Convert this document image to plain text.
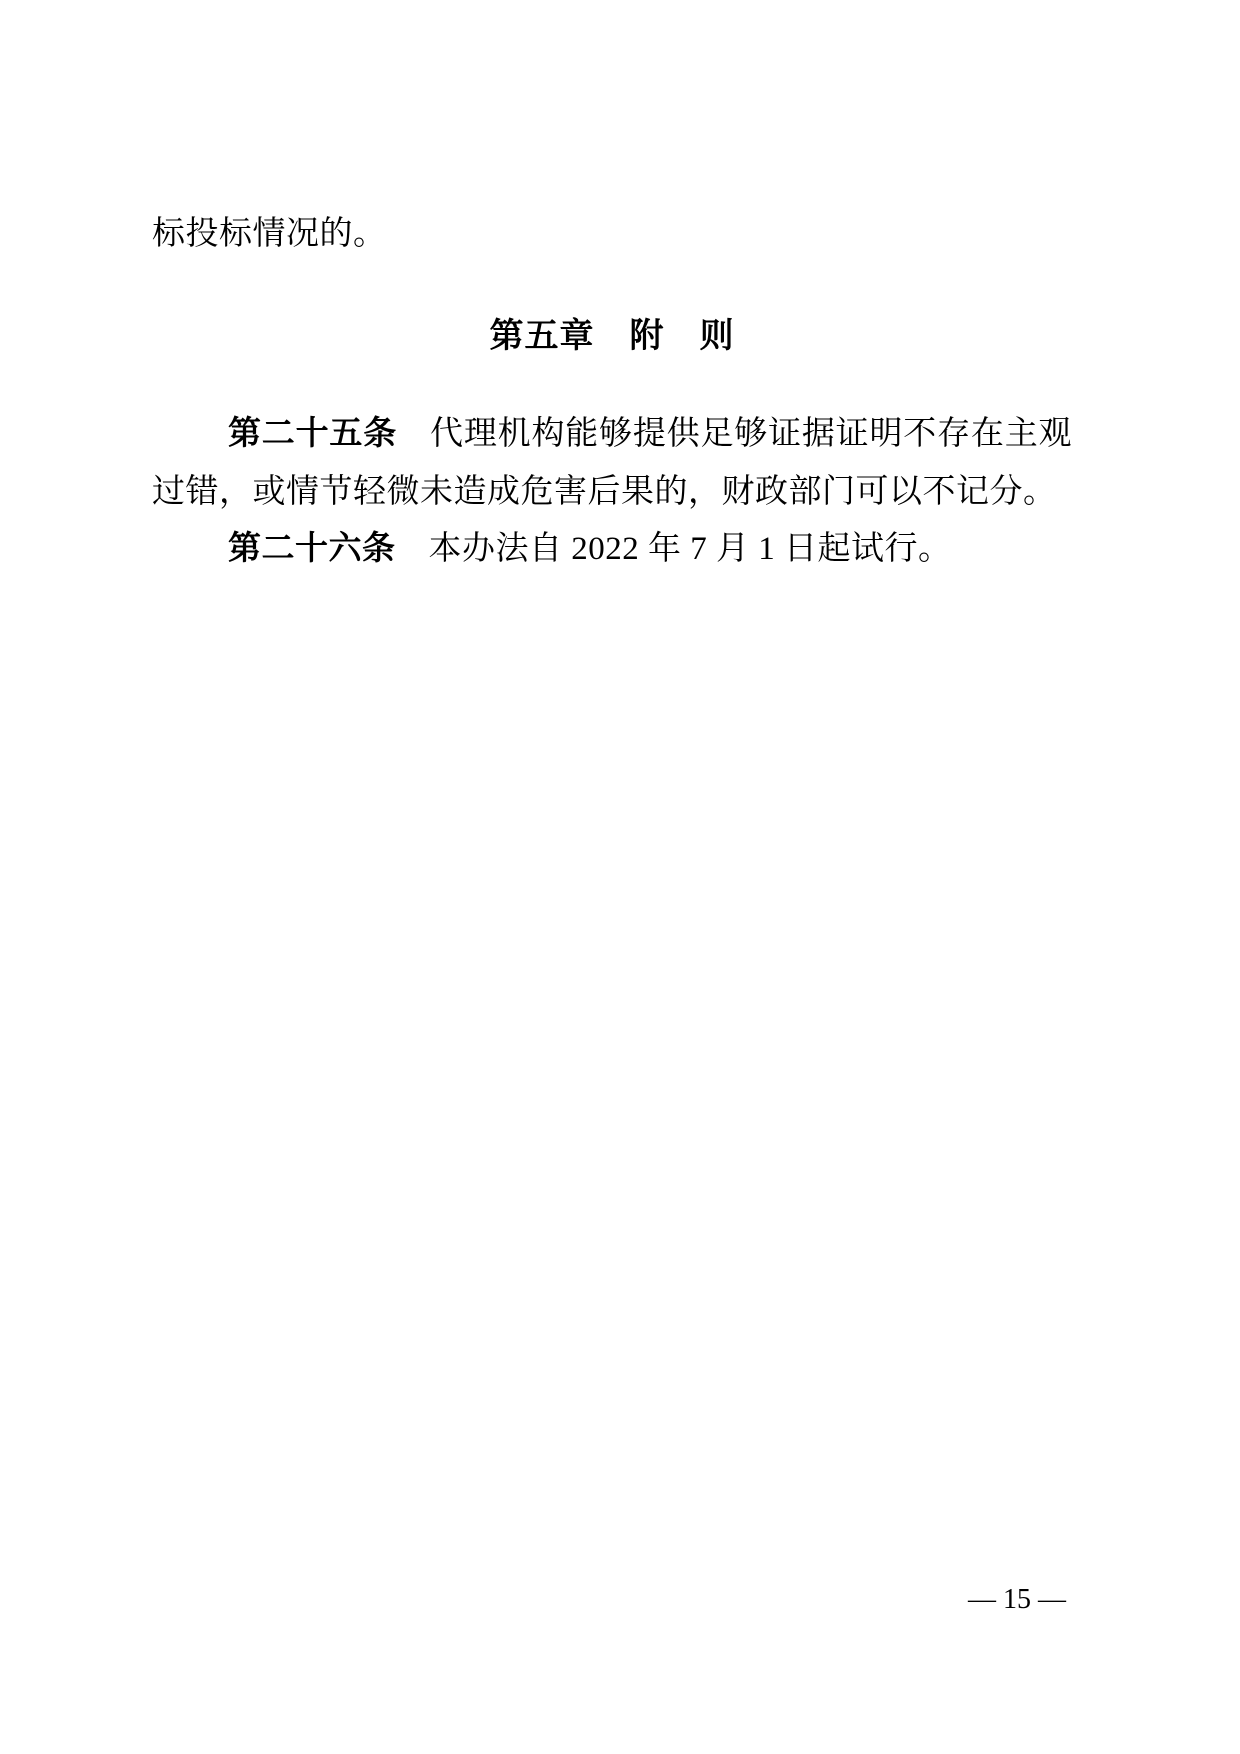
标投标情况的。

第五章　附　则
第二十五条 代理机构能够提供足够证据证明不存在主观
过错，或情节轻微未造成危害后果的，财政部门可以不记分。
第二十六条 本办法自 2022 年 7 月 1 日起试行。
— 15 —
